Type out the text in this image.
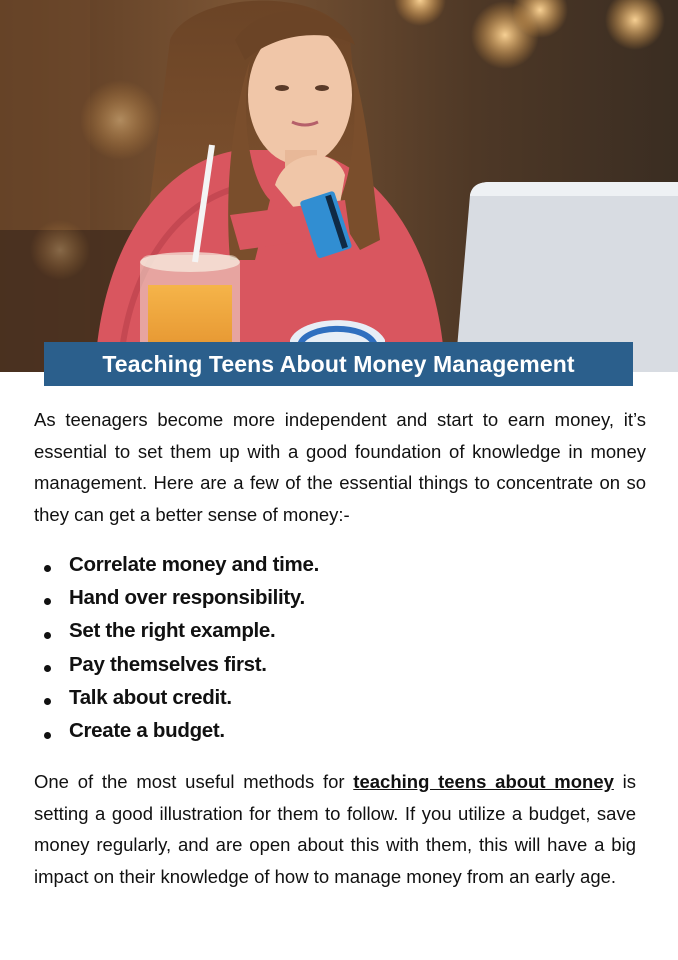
Teaching Teens About Money Management

As teenagers become more independent and start to earn money, it’s essential to set them up with a good foundation of knowledge in money management. Here are a few of the essential things to concentrate on so they can get a better sense of money:-

Correlate money and time.
Hand over responsibility.
Set the right example.
Pay themselves first.
Talk about credit.
Create a budget.

One of the most useful methods for teaching teens about money is setting a good illustration for them to follow. If you utilize a budget, save money regularly, and are open about this with them, this will have a big impact on their knowledge of how to manage money from an early age.
